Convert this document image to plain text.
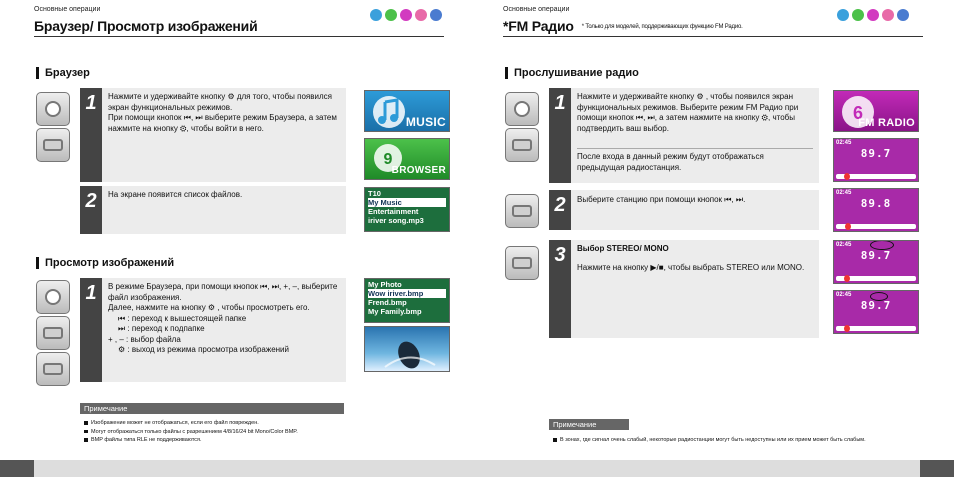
Основные операции
Браузер/ Просмотр изображений
Браузер
1	Нажмите и удерживайте кнопку ⚙ для того, чтобы появился экран функциональных режимов.

При помощи кнопок ⏮, ⏭ выберите режим Браузера, а затем нажмите на кнопку ⚙, чтобы войти в него.

2	На экране появится список файлов.

MUSIC
9
BROWSER
T10
My Music
Entertainment
iriver song.mp3
Просмотр изображений
1	В режиме Браузера, при помощи кнопок ⏮, ⏭, +, –, выберите файл изображения.

Далее, нажмите на кнопку ⚙ , чтобы просмотреть его.

⏮ : переход к вышестоящей папке

⏭ : переход к подпапке

+ , – : выбор файла

⚙ : выход из режима просмотра изображений

My Photo
Wow iriver.bmp
Frend.bmp
My Family.bmp
Примечание
Изображение может не отображаться, если его файл поврежден.
Могут отображаться только файлы с разрешением 4/8/16/24 bit Mono/Color BMP.
BMP файлы типа RLE не поддерживаются.
Основные операции
*FM Радио * Только для моделей, поддерживающих функцию FM Радио.
Прослушивание радио
1	Нажмите и удерживайте кнопку ⚙ , чтобы появился экран функциональных режимов. Выберите режим FM Радио при помощи кнопок ⏮, ⏭, а затем нажмите на кнопку ⚙, чтобы подтвердить ваш выбор.

После входа в данный режим будут отображаться предыдущая радиостанция.
2	Выберите станцию при помощи кнопок ⏮, ⏭.

3	Выбор STEREO/ MONO

Нажмите на кнопку ▶/■, чтобы выбрать STEREO или MONO.

6
FM RADIO
02:45
89.7
02:45
89.8
02:45
89.7
02:45
89.7
Примечание
В зонах, где сигнал очень слабый, некоторые радиостанции могут быть недоступны или их прием может быть слабым.
